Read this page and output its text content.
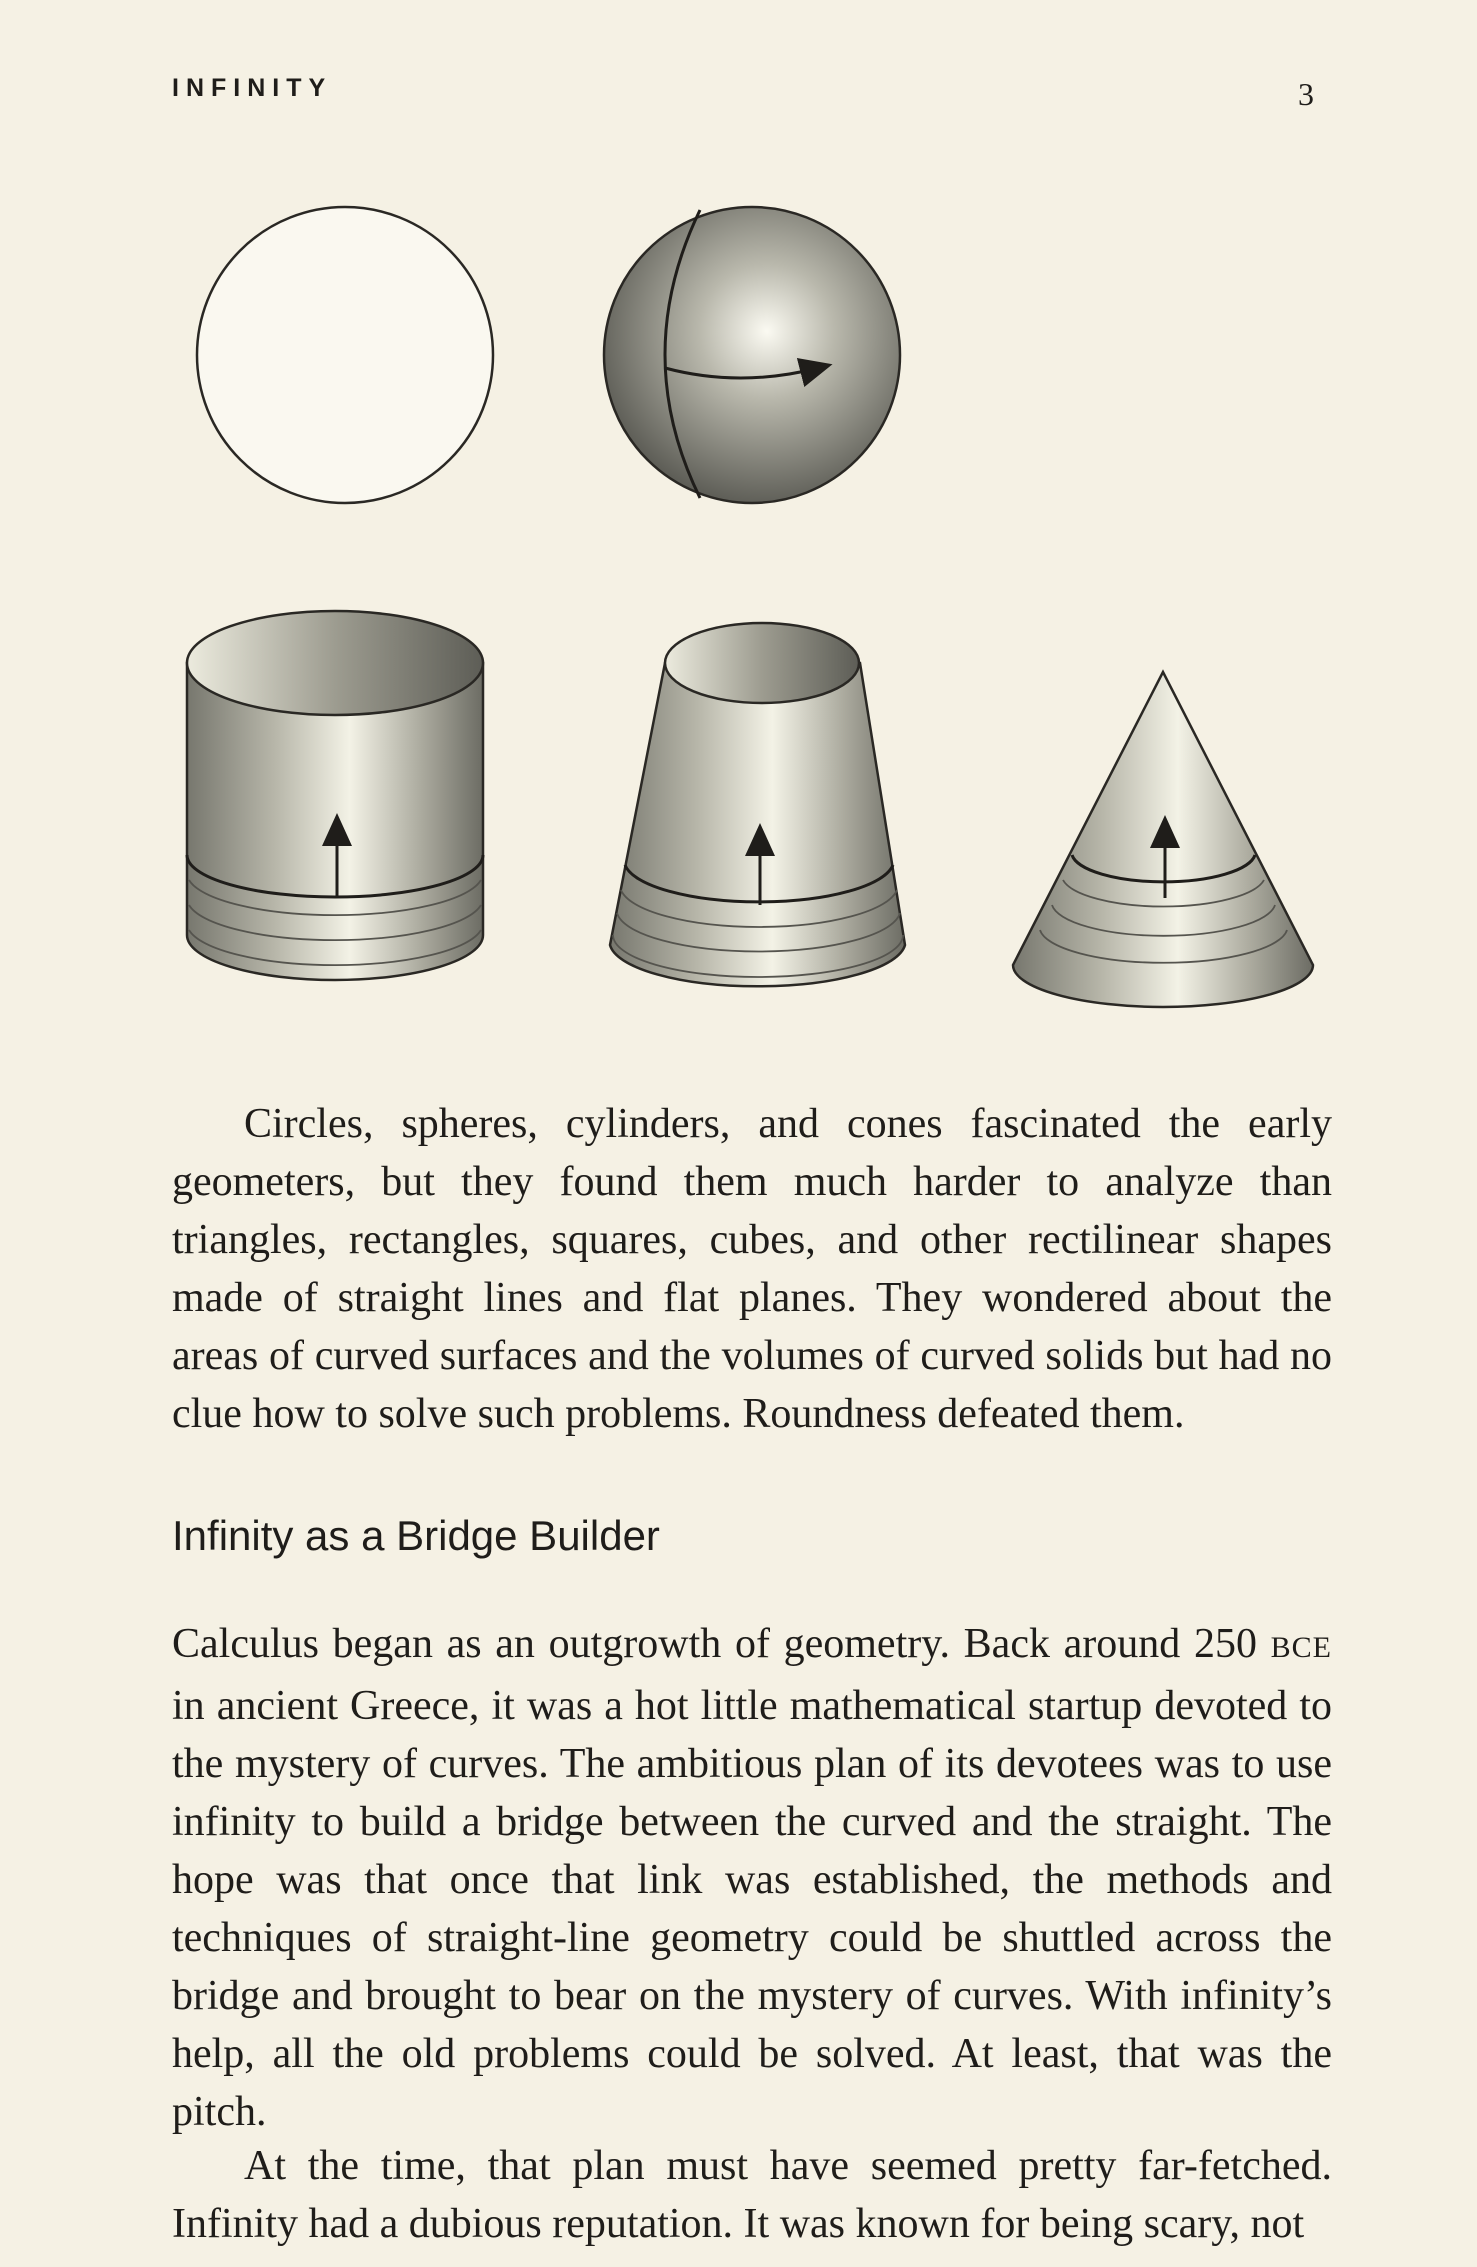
INFINITY	3

Circles, spheres, cylinders, and cones fascinated the early geometers, but they found them much harder to analyze than triangles, rectangles, squares, cubes, and other rectilinear shapes made of straight lines and flat planes. They wondered about the areas of curved surfaces and the volumes of curved solids but had no clue how to solve such problems. Roundness defeated them.

Infinity as a Bridge Builder

Calculus began as an outgrowth of geometry. Back around 250 BCE in ancient Greece, it was a hot little mathematical startup devoted to the mystery of curves. The ambitious plan of its devotees was to use infinity to build a bridge between the curved and the straight. The hope was that once that link was established, the methods and techniques of straight-line geometry could be shuttled across the bridge and brought to bear on the mystery of curves. With infinity’s help, all the old problems could be solved. At least, that was the pitch.

At the time, that plan must have seemed pretty far-fetched. Infinity had a dubious reputation. It was known for being scary, not
